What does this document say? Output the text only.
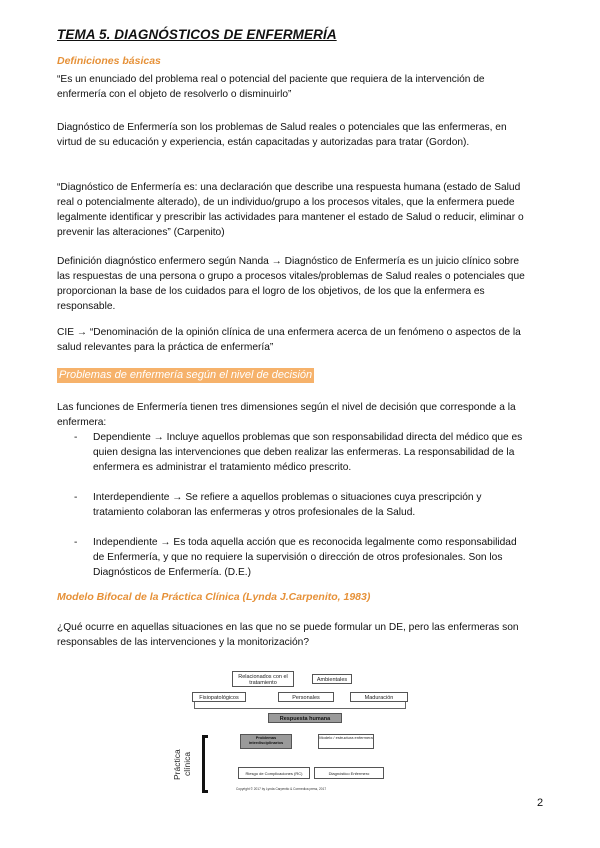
TEMA 5. DIAGNÓSTICOS DE ENFERMERÍA
Definiciones básicas

“Es un enunciado del problema real o potencial del paciente que requiera de la intervención de enfermería con el objeto de resolverlo o disminuirlo”

Diagnóstico de Enfermería son los problemas de Salud reales o potenciales que las enfermeras, en virtud de su educación y experiencia, están capacitadas y autorizadas para tratar (Gordon).

“Diagnóstico de Enfermería es: una declaración que describe una respuesta humana (estado de Salud real o potencialmente alterado), de un individuo/grupo a los procesos vitales, que la enfermera puede legalmente identificar y prescribir las actividades para mantener el estado de Salud o reducir, eliminar o prevenir las alteraciones” (Carpenito)

Definición diagnóstico enfermero según Nanda → Diagnóstico de Enfermería es un juicio clínico sobre las respuestas de una persona o grupo a procesos vitales/problemas de Salud reales o potenciales que proporcionan la base de los cuidados para el logro de los objetivos, de los que la enfermera es responsable.

CIE → “Denominación de la opinión clínica de una enfermera acerca de un fenómeno o aspectos de la salud relevantes para la práctica de enfermería”

Problemas de enfermería según el nivel de decisión

Las funciones de Enfermería tienen tres dimensiones según el nivel de decisión que corresponde a la enfermera:

- Dependiente → Incluye aquellos problemas que son responsabilidad directa del médico que es quien designa las intervenciones que deben realizar las enfermeras. La responsabilidad de la enfermera es administrar el tratamiento médico prescrito.
- Interdependiente → Se refiere a aquellos problemas o situaciones cuya prescripción y tratamiento colaboran las enfermeras y otros profesionales de la Salud.
- Independiente → Es toda aquella acción que es reconocida legalmente como responsabilidad de Enfermería, y que no requiere la supervisión o dirección de otros profesionales. Son los Diagnósticos de Enfermería. (D.E.)
Modelo Bifocal de la Práctica Clínica (Lynda J.Carpenito, 1983)

¿Qué ocurre en aquellas situaciones en las que no se puede formular un DE, pero las enfermeras son responsables de las intervenciones y la monitorización?

Relacionados con el tratamiento	Ambientales
Fisiopatológicos	Personales	Maduración
Respuesta humana
Problemas interdisciplinarios
Modelo / estructura enfermera
Riesgo de Complicaciones (RC)	Diagnóstico Enfermero
Práctica clínica
Copyright © 2017 by Lynda Carpenito & Cormedica press, 2017
2
